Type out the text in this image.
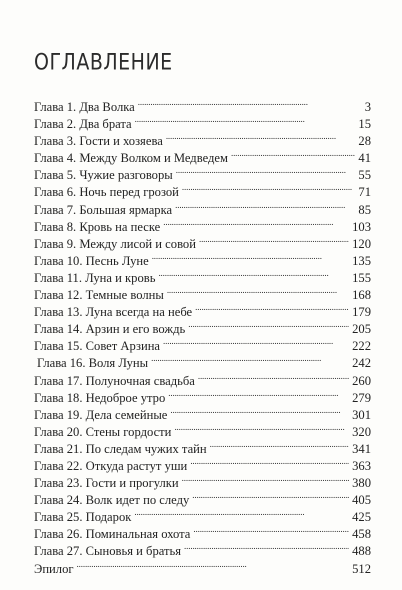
ОГЛАВЛЕНИЕ
Глава 1. Два Волка . . .	3
Глава 2. Два брата . . .	15
Глава 3. Гости и хозяева . . .	28
Глава 4. Между Волком и Медведем . . .	41
Глава 5. Чужие разговоры . . .	55
Глава 6. Ночь перед грозой . . .	71
Глава 7. Большая ярмарка . . .	85
Глава 8. Кровь на песке . . .	103
Глава 9. Между лисой и совой . . .	120
Глава 10. Песнь Луне . . .	135
Глава 11. Луна и кровь . . .	155
Глава 12. Темные волны . . .	168
Глава 13. Луна всегда на небе . . .	179
Глава 14. Арзин и его вождь . . .	205
Глава 15. Совет Арзина . . .	222
Глава 16. Воля Луны . . .	242
Глава 17. Полуночная свадьба . . .	260
Глава 18. Недоброе утро . . .	279
Глава 19. Дела семейные . . .	301
Глава 20. Стены гордости . . .	320
Глава 21. По следам чужих тайн . . .	341
Глава 22. Откуда растут уши . . .	363
Глава 23. Гости и прогулки . . .	380
Глава 24. Волк идет по следу . . .	405
Глава 25. Подарок . . .	425
Глава 26. Поминальная охота . . .	458
Глава 27. Сыновья и братья . . .	488
Эпилог . . .	512
